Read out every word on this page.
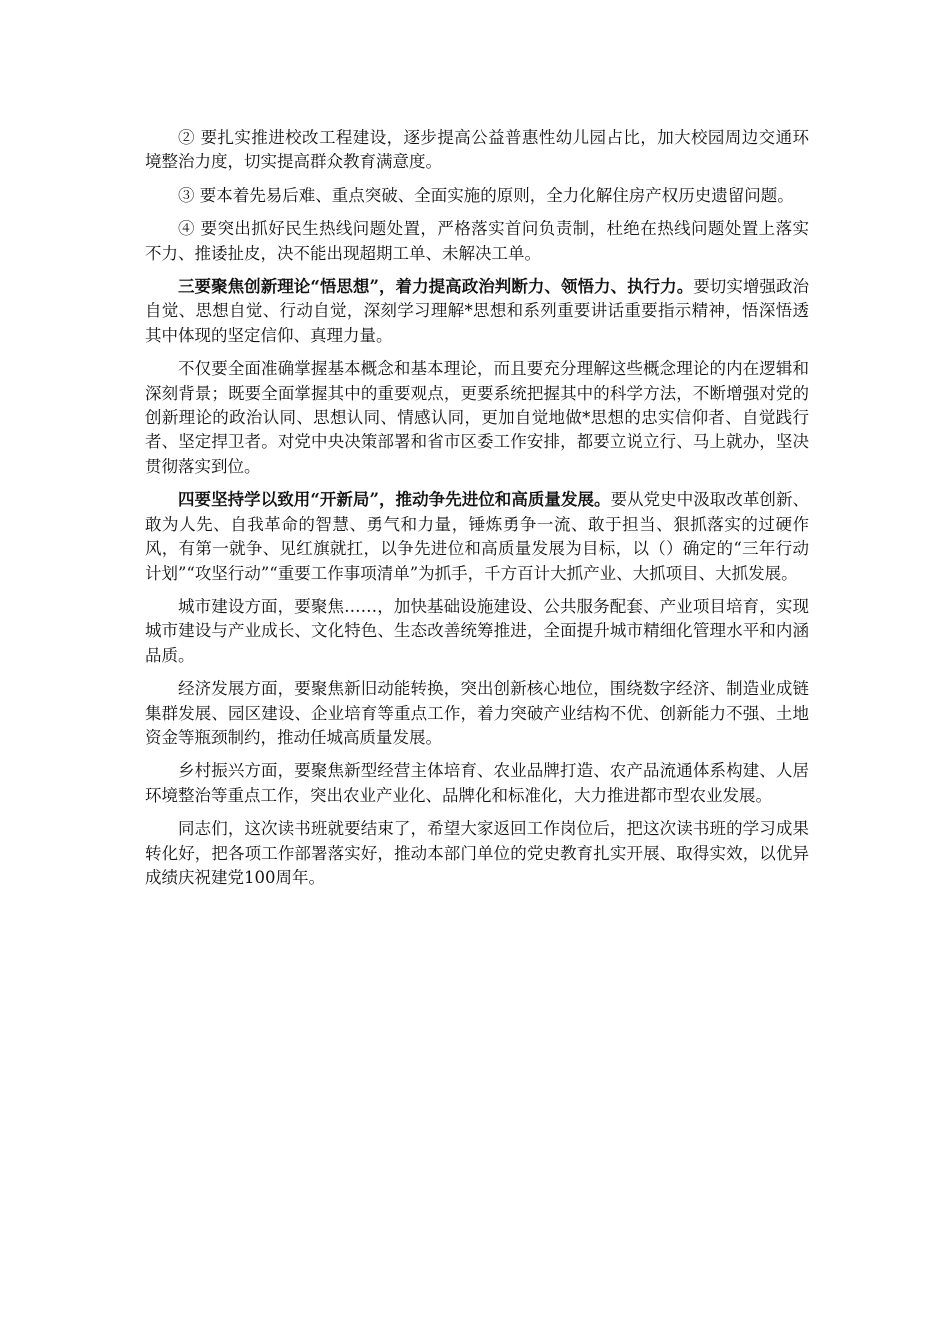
② 要扎实推进校改工程建设，逐步提高公益普惠性幼儿园占比，加大校园周边交通环境整治力度，切实提高群众教育满意度。

③ 要本着先易后难、重点突破、全面实施的原则，全力化解住房产权历史遗留问题。

④ 要突出抓好民生热线问题处置，严格落实首问负责制，杜绝在热线问题处置上落实不力、推诿扯皮，决不能出现超期工单、未解决工单。

三要聚焦创新理论“悟思想”，着力提高政治判断力、领悟力、执行力。要切实增强政治自觉、思想自觉、行动自觉，深刻学习理解*思想和系列重要讲话重要指示精神，悟深悟透其中体现的坚定信仰、真理力量。

不仅要全面准确掌握基本概念和基本理论，而且要充分理解这些概念理论的内在逻辑和深刻背景；既要全面掌握其中的重要观点，更要系统把握其中的科学方法，不断增强对党的创新理论的政治认同、思想认同、情感认同，更加自觉地做*思想的忠实信仰者、自觉践行者、坚定捍卫者。对党中央决策部署和省市区委工作安排，都要立说立行、马上就办，坚决贯彻落实到位。

四要坚持学以致用“开新局”，推动争先进位和高质量发展。要从党史中汲取改革创新、敢为人先、自我革命的智慧、勇气和力量，锤炼勇争一流、敢于担当、狠抓落实的过硬作风，有第一就争、见红旗就扛，以争先进位和高质量发展为目标，以（）确定的“三年行动计划”“攻坚行动”“重要工作事项清单”为抓手，千方百计大抓产业、大抓项目、大抓发展。

城市建设方面，要聚焦……，加快基础设施建设、公共服务配套、产业项目培育，实现城市建设与产业成长、文化特色、生态改善统筹推进，全面提升城市精细化管理水平和内涵品质。

经济发展方面，要聚焦新旧动能转换，突出创新核心地位，围绕数字经济、制造业成链集群发展、园区建设、企业培育等重点工作，着力突破产业结构不优、创新能力不强、土地资金等瓶颈制约，推动任城高质量发展。

乡村振兴方面，要聚焦新型经营主体培育、农业品牌打造、农产品流通体系构建、人居环境整治等重点工作，突出农业产业化、品牌化和标准化，大力推进都市型农业发展。

同志们，这次读书班就要结束了，希望大家返回工作岗位后，把这次读书班的学习成果转化好，把各项工作部署落实好，推动本部门单位的党史教育扎实开展、取得实效，以优异成绩庆祝建党100周年。
